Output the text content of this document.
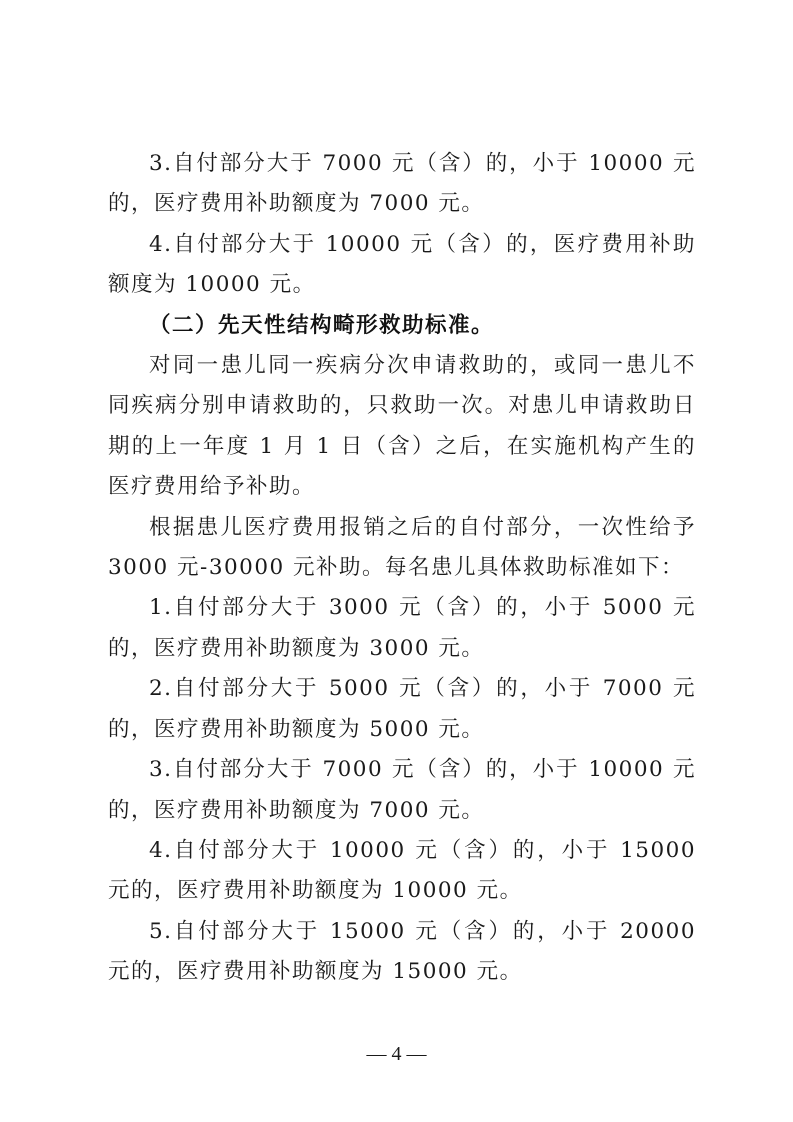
3.自付部分大于 7000 元（含）的，小于 10000 元的，医疗费用补助额度为 7000 元。

4.自付部分大于 10000 元（含）的，医疗费用补助额度为 10000 元。

（二）先天性结构畸形救助标准。

对同一患儿同一疾病分次申请救助的，或同一患儿不同疾病分别申请救助的，只救助一次。对患儿申请救助日期的上一年度 1 月 1 日（含）之后，在实施机构产生的医疗费用给予补助。

根据患儿医疗费用报销之后的自付部分，一次性给予 3000 元-30000 元补助。每名患儿具体救助标准如下：

1.自付部分大于 3000 元（含）的，小于 5000 元的，医疗费用补助额度为 3000 元。

2.自付部分大于 5000 元（含）的，小于 7000 元的，医疗费用补助额度为 5000 元。

3.自付部分大于 7000 元（含）的，小于 10000 元的，医疗费用补助额度为 7000 元。

4.自付部分大于 10000 元（含）的，小于 15000 元的，医疗费用补助额度为 10000 元。

5.自付部分大于 15000 元（含）的，小于 20000 元的，医疗费用补助额度为 15000 元。

— 4 —
